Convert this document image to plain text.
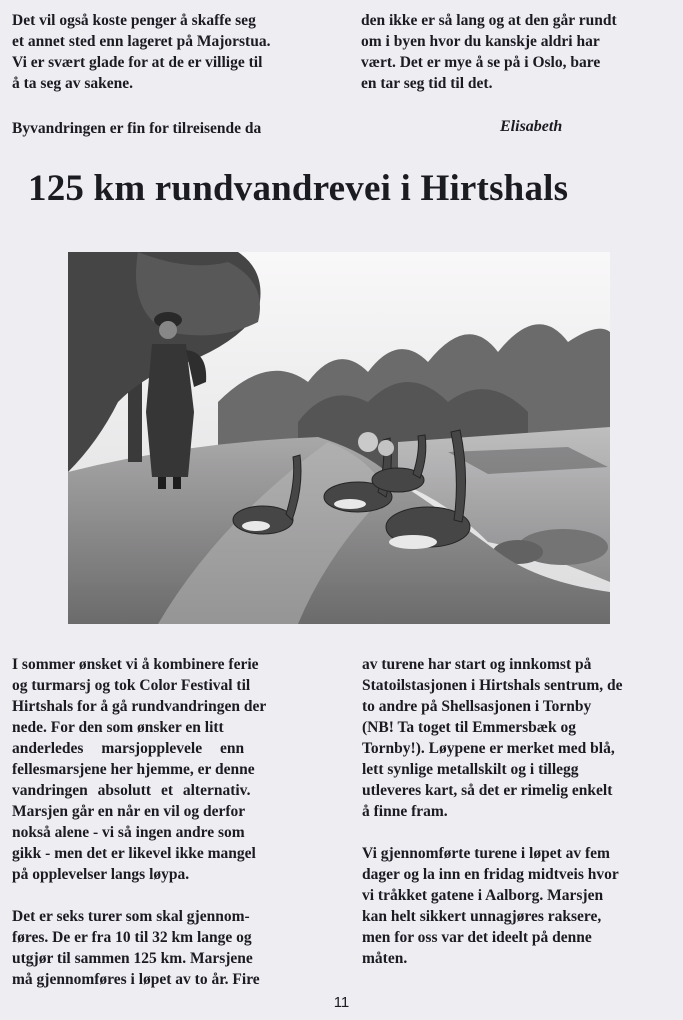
Det vil også koste penger å skaffe seg
et annet sted enn lageret på Majorstua.
Vi er svært glade for at de er villige til
å ta seg av sakene.
Byvandringen er fin for tilreisende da
den ikke er så lang og at den går rundt
om i byen hvor du kanskje aldri har
vært. Det er mye å se på i Oslo, bare
en tar seg tid til det.
Elisabeth
125 km rundvandrevei i Hirtshals
I sommer ønsket vi å kombinere ferie
og turmarsj og tok Color Festival til
Hirtshals for å gå rundvandringen der
nede. For den som ønsker en litt
anderledes marsjopplevele enn
fellesmarsjene her hjemme, er denne
vandringen absolutt et alternativ.
Marsjen går en når en vil og derfor
nokså alene - vi så ingen andre som
gikk - men det er likevel ikke mangel
på opplevelser langs løypa.
Det er seks turer som skal gjennom-
føres. De er fra 10 til 32 km lange og
utgjør til sammen 125 km. Marsjene
må gjennomføres i løpet av to år. Fire
av turene har start og innkomst på
Statoilstasjonen i Hirtshals sentrum, de
to andre på Shellsasjonen i Tornby
(NB! Ta toget til Emmersbæk og
Tornby!). Løypene er merket med blå,
lett synlige metallskilt og i tillegg
utleveres kart, så det er rimelig enkelt
å finne fram.
Vi gjennomførte turene i løpet av fem
dager og la inn en fridag midtveis hvor
vi tråkket gatene i Aalborg. Marsjen
kan helt sikkert unnagjøres raksere,
men for oss var det ideelt på denne
måten.
11
